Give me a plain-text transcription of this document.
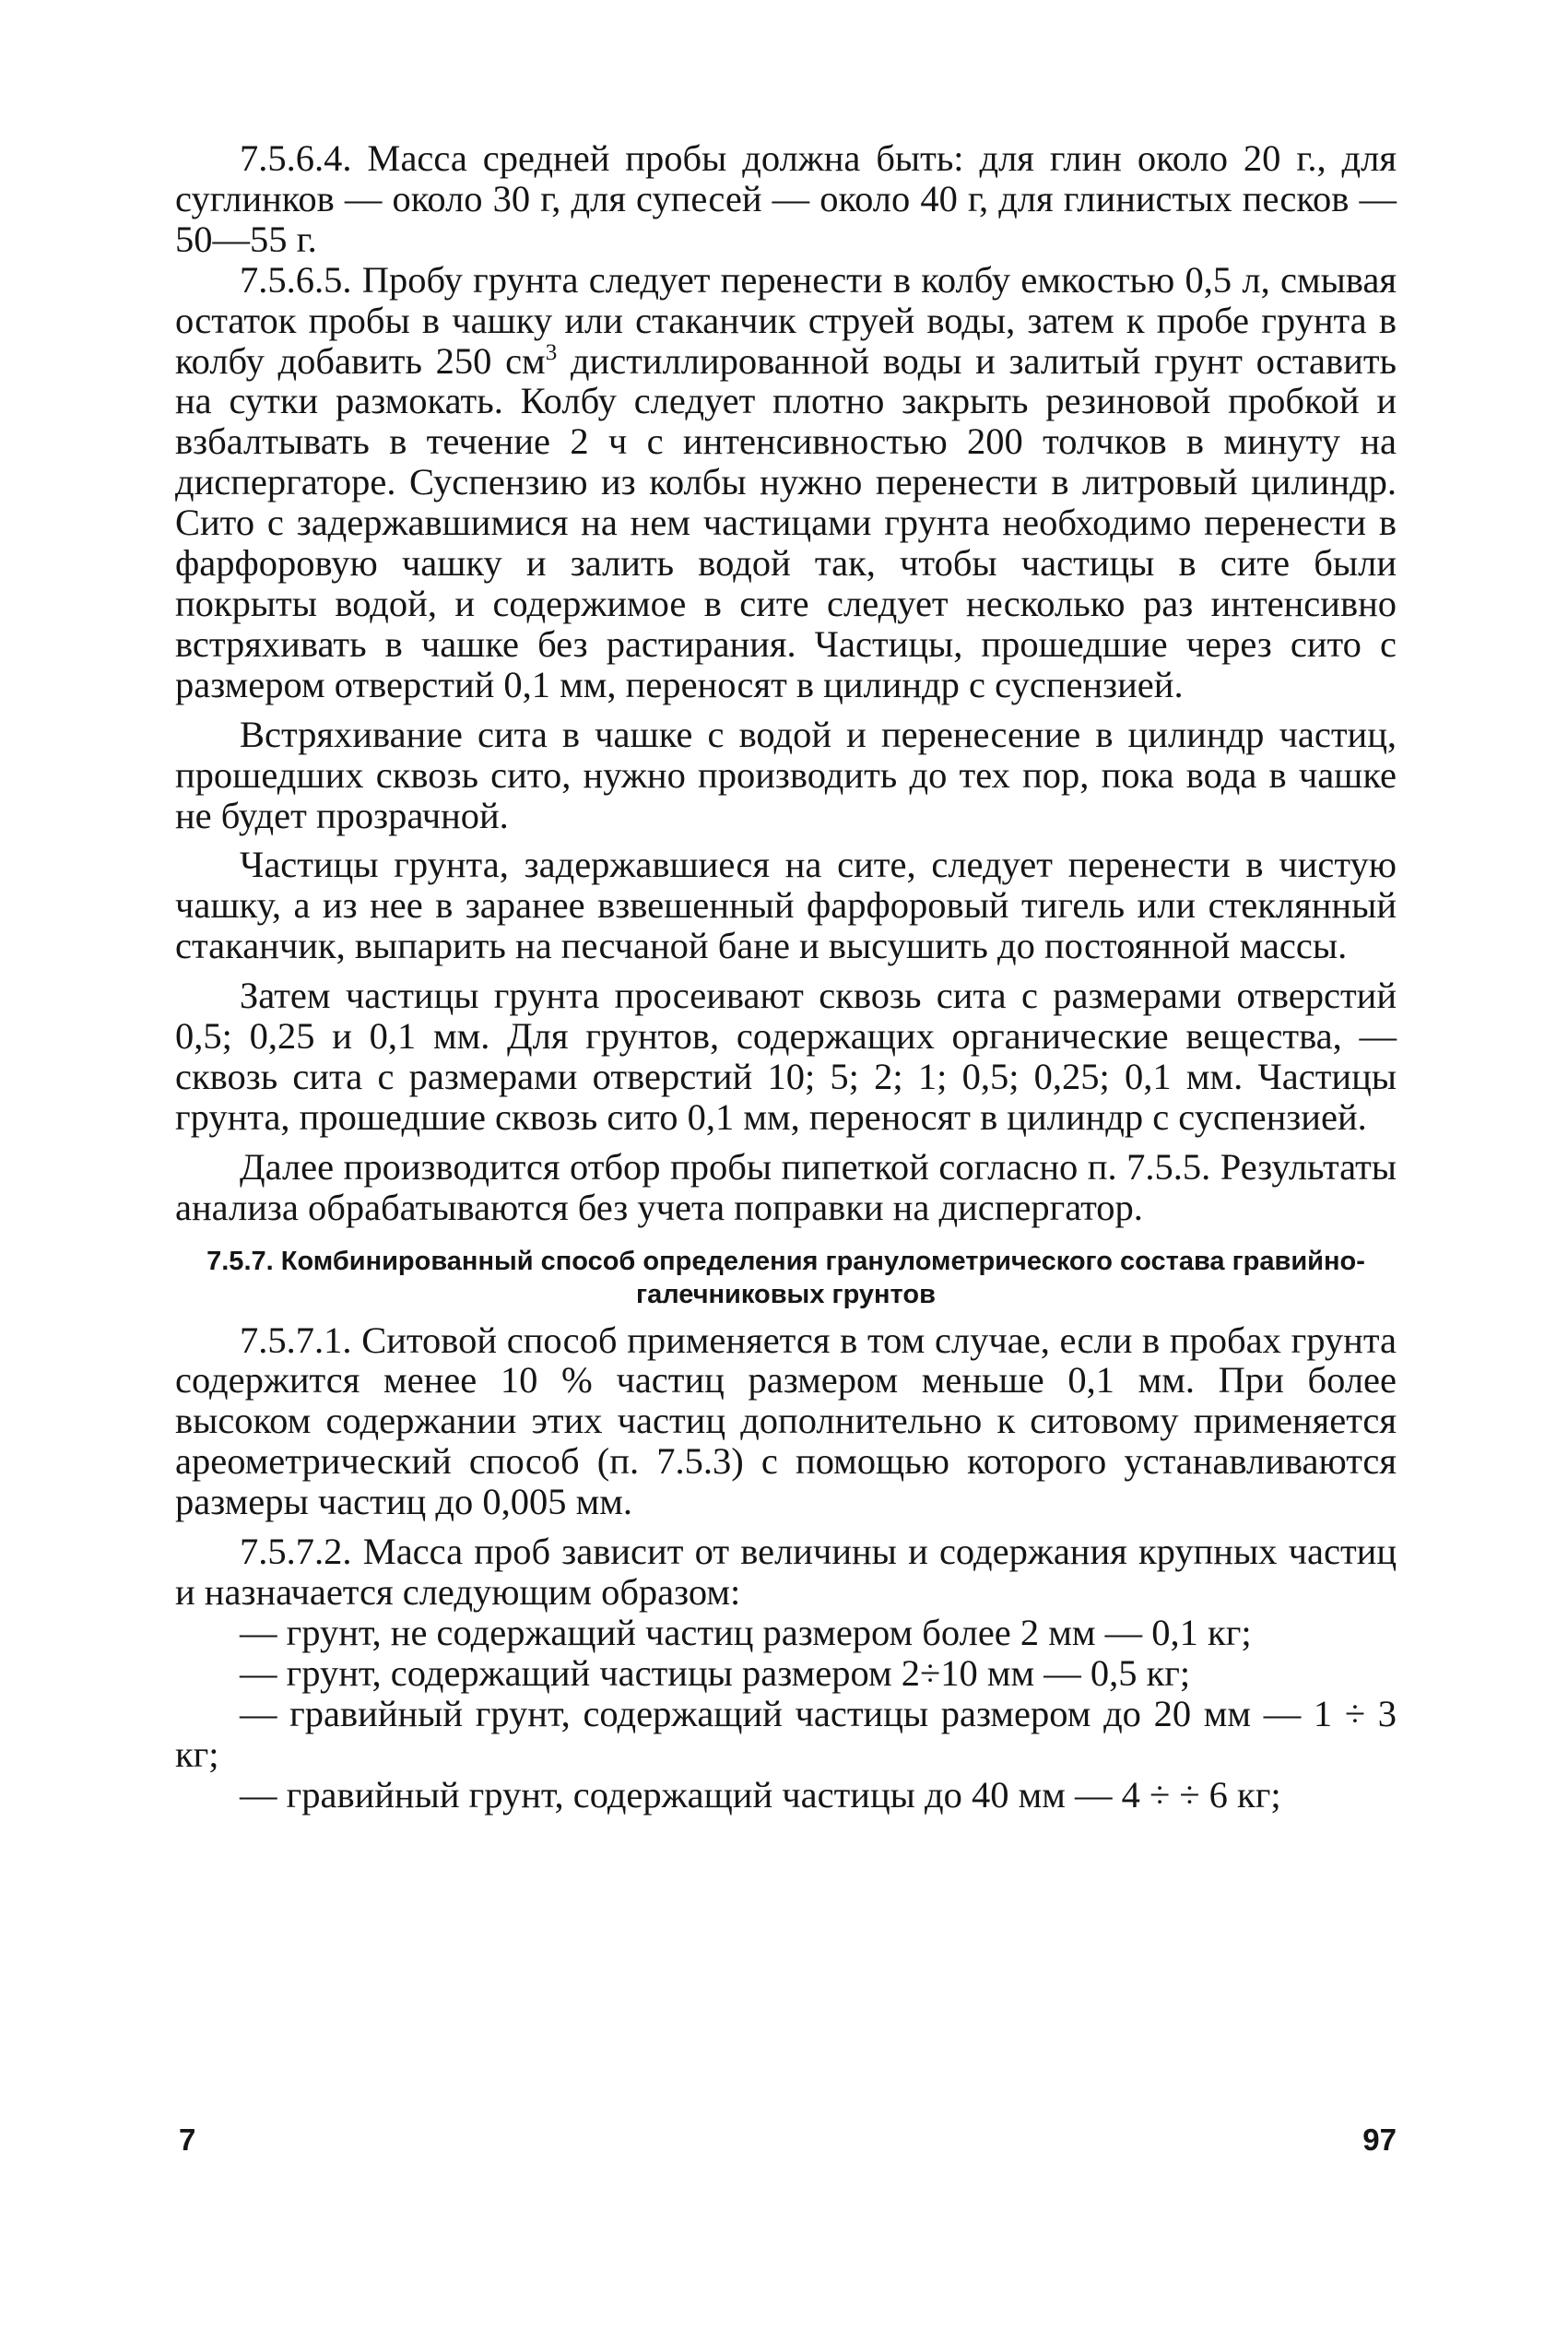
7.5.6.4. Масса средней пробы должна быть: для глин около 20 г., для суглинков — около 30 г, для супесей — около 40 г, для глинистых песков — 50—55 г.

7.5.6.5. Пробу грунта следует перенести в колбу емкостью 0,5 л, смывая остаток пробы в чашку или стаканчик струей воды, затем к пробе грунта в колбу добавить 250 $см^3$ дистиллированной воды и залитый грунт оставить на сутки размокать. Колбу следует плотно закрыть резиновой пробкой и взбалтывать в течение 2 ч с интенсивностью 200 толчков в минуту на диспергаторе. Суспензию из колбы нужно перенести в литровый цилиндр. Сито с задержавшимися на нем частицами грунта необходимо перенести в фарфоровую чашку и залить водой так, чтобы частицы в сите были покрыты водой, и содержимое в сите следует несколько раз интенсивно встряхивать в чашке без растирания. Частицы, прошедшие через сито с размером отверстий 0,1 мм, переносят в цилиндр с суспензией.

Встряхивание сита в чашке с водой и перенесение в цилиндр частиц, прошедших сквозь сито, нужно производить до тех пор, пока вода в чашке не будет прозрачной.

Частицы грунта, задержавшиеся на сите, следует перенести в чистую чашку, а из нее в заранее взвешенный фарфоровый тигель или стеклянный стаканчик, выпарить на песчаной бане и высушить до постоянной массы.

Затем частицы грунта просеивают сквозь сита с размерами отверстий 0,5; 0,25 и 0,1 мм. Для грунтов, содержащих органические вещества, — сквозь сита с размерами отверстий 10; 5; 2; 1; 0,5; 0,25; 0,1 мм. Частицы грунта, прошедшие сквозь сито 0,1 мм, переносят в цилиндр с суспензией.

Далее производится отбор пробы пипеткой согласно п. 7.5.5. Результаты анализа обрабатываются без учета поправки на диспергатор.

7.5.7. Комбинированный способ определения гранулометрического состава гравийно-галечниковых грунтов

7.5.7.1. Ситовой способ применяется в том случае, если в пробах грунта содержится менее 10 % частиц размером меньше 0,1 мм. При более высоком содержании этих частиц дополнительно к ситовому применяется ареометрический способ (п. 7.5.3) с помощью которого устанавливаются размеры частиц до 0,005 мм.

7.5.7.2. Масса проб зависит от величины и содержания крупных частиц и назначается следующим образом:

— грунт, не содержащий частиц размером более 2 мм — 0,1 кг;

— грунт, содержащий частицы размером 2÷10 мм — 0,5 кг;

— гравийный грунт, содержащий частицы размером до 20 мм — 1 ÷ 3 кг;

— гравийный грунт, содержащий частицы до 40 мм — 4 ÷ ÷ 6 кг;

7	97
